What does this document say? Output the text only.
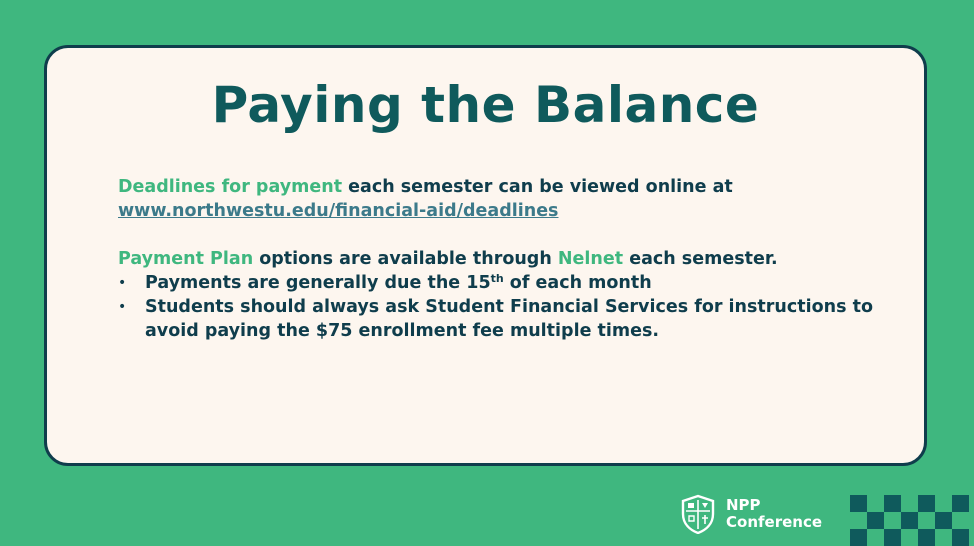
Paying the Balance

Deadlines for payment each semester can be viewed online at
www.northwestu.edu/financial-aid/deadlines

Payment Plan options are available through Nelnet each semester.

• Payments are generally due the 15th of each month
• Students should always ask Student Financial Services for instructions to avoid paying the $75 enrollment fee multiple times.
NPP
Conference
